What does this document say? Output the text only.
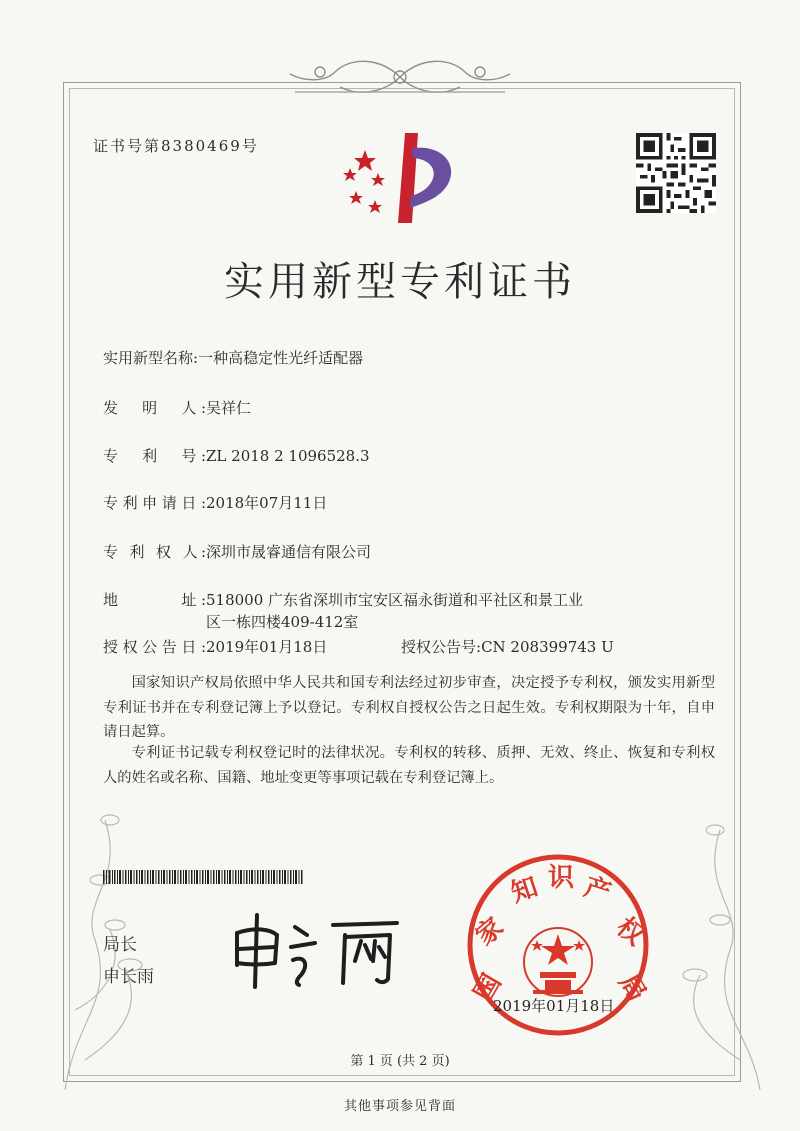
证书号第8380469号
实用新型专利证书
实用新型名称:一种高稳定性光纤适配器
发　明　人:吴祥仁
专　利　号:ZL 2018 2 1096528.3
专利申请日:2018年07月11日
专 利 权 人:深圳市晟睿通信有限公司
地　　　址:518000 广东省深圳市宝安区福永街道和平社区和景工业
区一栋四楼409-412室
授权公告日:2019年01月18日	授权公告号:CN 208399743 U
国家知识产权局依照中华人民共和国专利法经过初步审查，决定授予专利权，颁发实用新型专利证书并在专利登记簿上予以登记。专利权自授权公告之日起生效。专利权期限为十年，自申请日起算。
专利证书记载专利权登记时的法律状况。专利权的转移、质押、无效、终止、恢复和专利权人的姓名或名称、国籍、地址变更等事项记载在专利登记簿上。
局长
申长雨	国
家
知 识 产
权
局
2019年01月18日
第 1 页 (共 2 页)
其他事项参见背面
